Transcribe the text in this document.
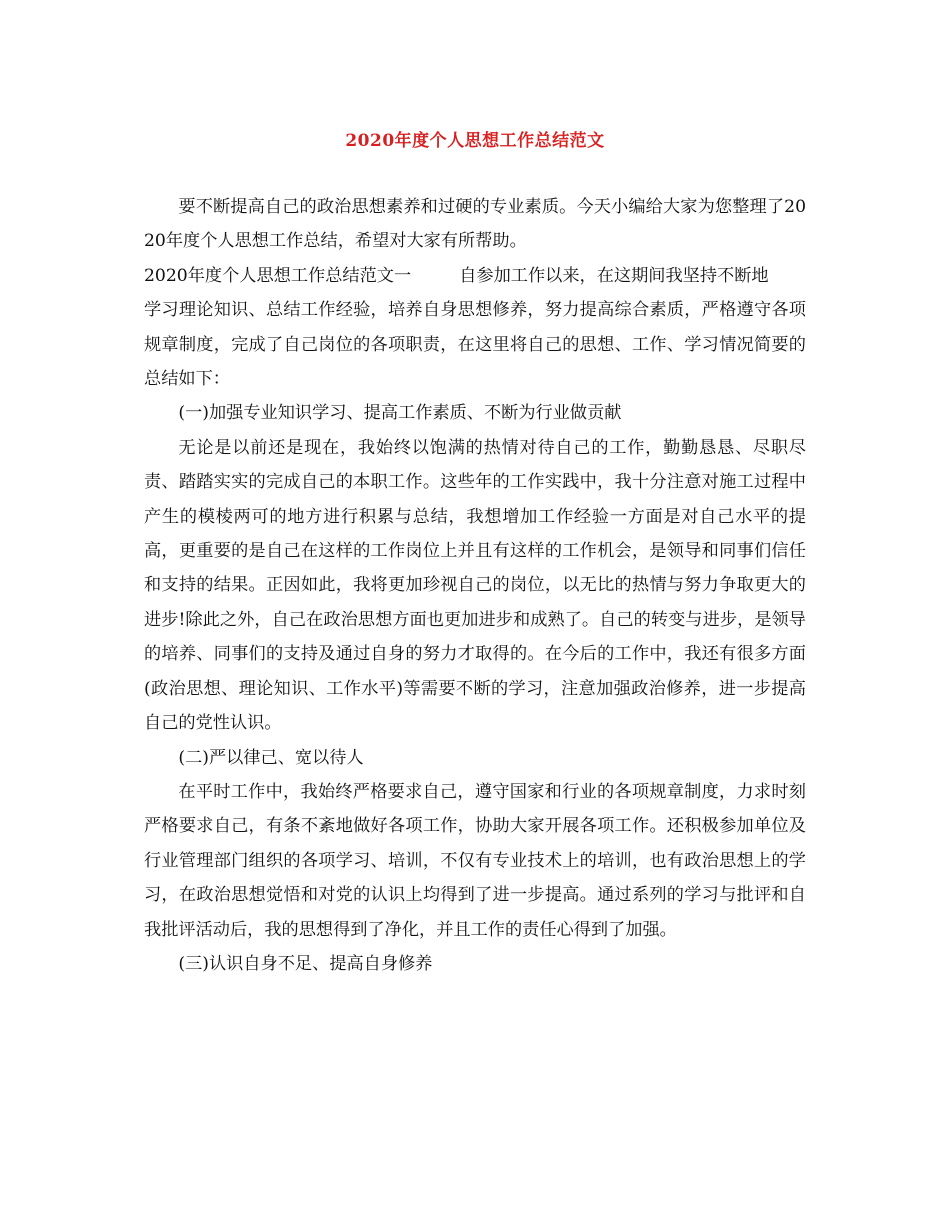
2020年度个人思想工作总结范文

要不断提高自己的政治思想素养和过硬的专业素质。今天小编给大家为您整理了2020年度个人思想工作总结，希望对大家有所帮助。

2020年度个人思想工作总结范文一	自参加工作以来，在这期间我坚持不断地

学习理论知识、总结工作经验，培养自身思想修养，努力提高综合素质，严格遵守各项规章制度，完成了自己岗位的各项职责，在这里将自己的思想、工作、学习情况简要的总结如下：

(一)加强专业知识学习、提高工作素质、不断为行业做贡献

无论是以前还是现在，我始终以饱满的热情对待自己的工作，勤勤恳恳、尽职尽责、踏踏实实的完成自己的本职工作。这些年的工作实践中，我十分注意对施工过程中产生的模棱两可的地方进行积累与总结，我想增加工作经验一方面是对自己水平的提高，更重要的是自己在这样的工作岗位上并且有这样的工作机会，是领导和同事们信任和支持的结果。正因如此，我将更加珍视自己的岗位，以无比的热情与努力争取更大的进步!除此之外，自己在政治思想方面也更加进步和成熟了。自己的转变与进步，是领导的培养、同事们的支持及通过自身的努力才取得的。在今后的工作中，我还有很多方面(政治思想、理论知识、工作水平)等需要不断的学习，注意加强政治修养，进一步提高自己的党性认识。

(二)严以律己、宽以待人

在平时工作中，我始终严格要求自己，遵守国家和行业的各项规章制度，力求时刻严格要求自己，有条不紊地做好各项工作，协助大家开展各项工作。还积极参加单位及行业管理部门组织的各项学习、培训，不仅有专业技术上的培训，也有政治思想上的学习，在政治思想觉悟和对党的认识上均得到了进一步提高。通过系列的学习与批评和自我批评活动后，我的思想得到了净化，并且工作的责任心得到了加强。

(三)认识自身不足、提高自身修养
